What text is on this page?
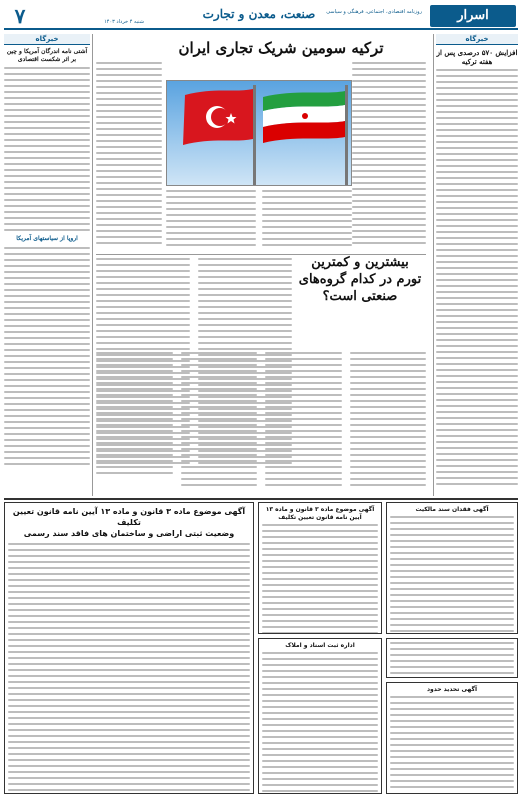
اسرار
روزنامه اقتصادی، اجتماعی، فرهنگی و سیاسی
صنعت، معدن و تجارت
شنبه ۴ خرداد ۱۴۰۳
۷
خبرگاه
افزایش ۵۷۰ درصدی پس از هفته ترکیه
ترکیه سومین شریک تجاری ایران
خبرگاه
آشتی نامه اندرگان آمریکا و چین بر اثر شکست اقتصادی
اروپا از سیاستهای آمریکا
بیشترین و کمترین تورم در کدام گروه‌های صنعتی است؟
آگهی موضوع ماده ۳ قانون و ماده ۱۳ آیین نامه قانون تعیین تکلیف
وضعیت ثبتی اراضی و ساختمان های فاقد سند رسمی
آگهی موضوع ماده ۳ قانون و ماده ۱۳ آیین نامه قانون تعیین تکلیف
آگهی فقدان سند مالکیت
اداره ثبت اسناد و املاک
آگهی تحدید حدود
